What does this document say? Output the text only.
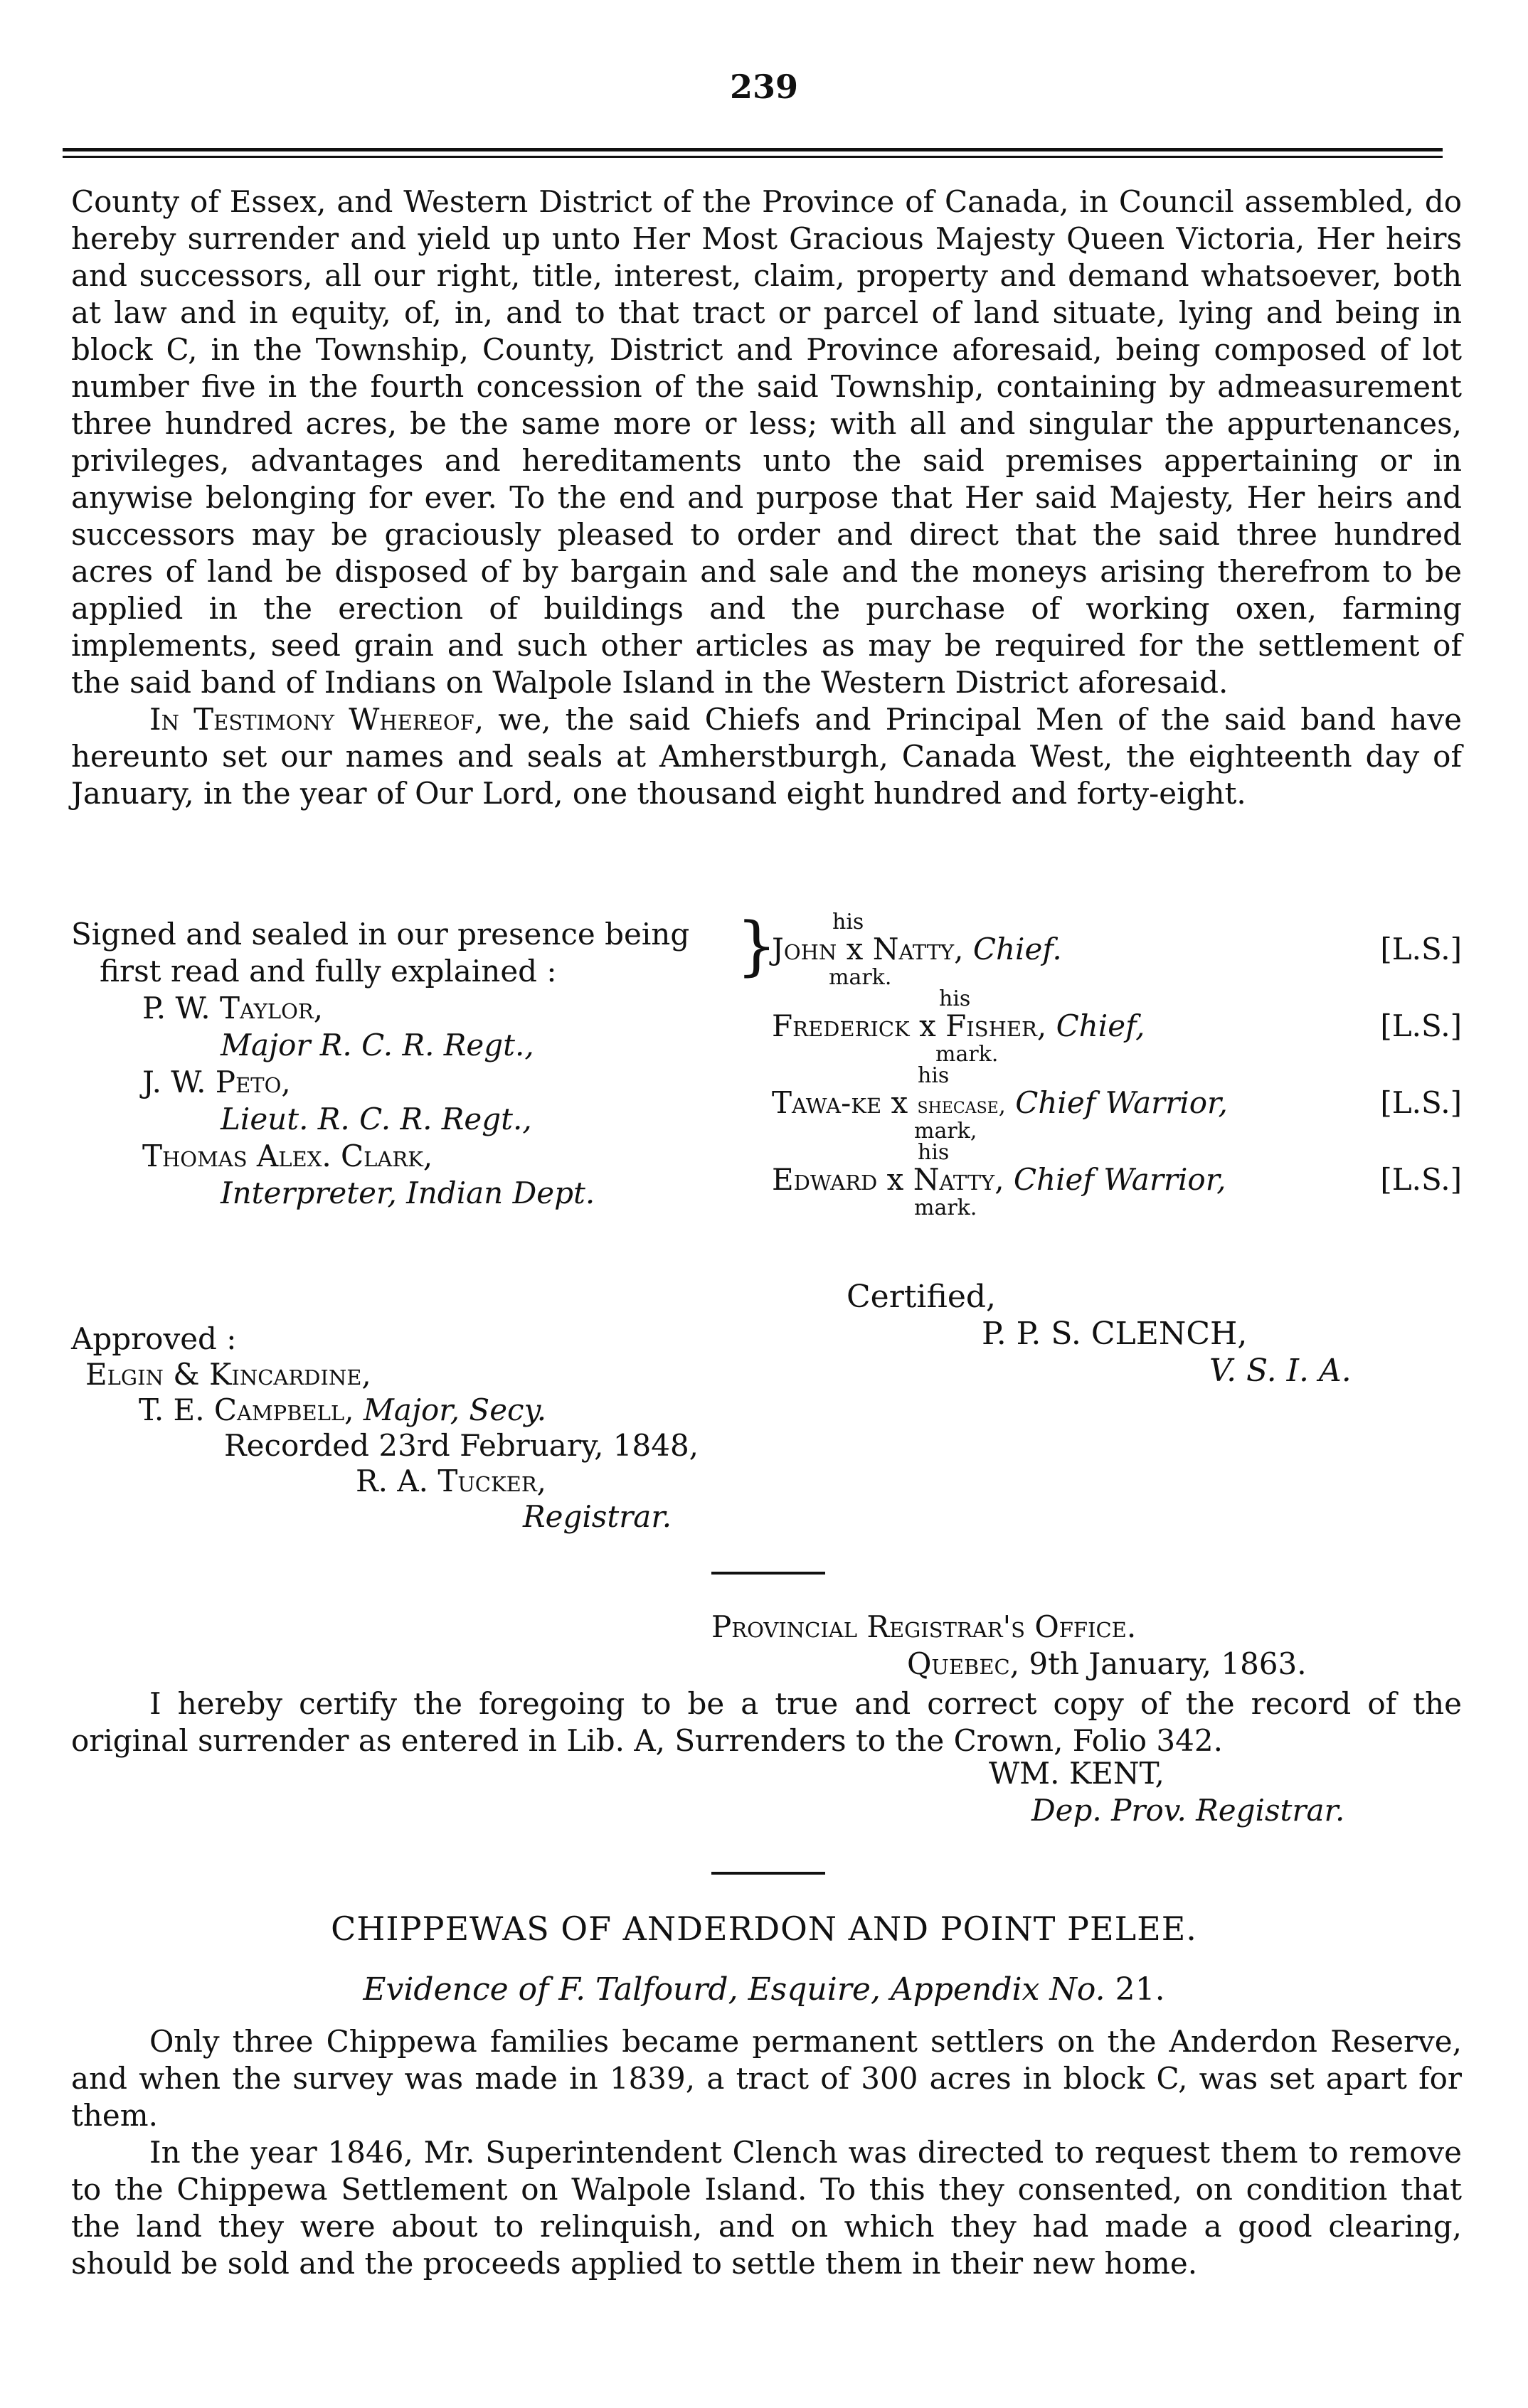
239

County of Essex, and Western District of the Province of Canada, in Council assembled, do hereby surrender and yield up unto Her Most Gracious Majesty Queen Victoria, Her heirs and successors, all our right, title, interest, claim, property and demand whatsoever, both at law and in equity, of, in, and to that tract or parcel of land situate, lying and being in block C, in the Township, County, District and Province aforesaid, being composed of lot number five in the fourth concession of the said Township, containing by admeasurement three hundred acres, be the same more or less; with all and singular the appurtenances, privileges, advantages and hereditaments unto the said premises appertaining or in anywise belonging for ever. To the end and purpose that Her said Majesty, Her heirs and successors may be graciously pleased to order and direct that the said three hundred acres of land be disposed of by bargain and sale and the moneys arising therefrom to be applied in the erection of buildings and the purchase of working oxen, farming implements, seed grain and such other articles as may be required for the settlement of the said band of Indians on Walpole Island in the Western District aforesaid.

In Testimony Whereof, we, the said Chiefs and Principal Men of the said band have hereunto set our names and seals at Amherstburgh, Canada West, the eighteenth day of January, in the year of Our Lord, one thousand eight hundred and forty-eight.

Signed and sealed in our presence being
first read and fully explained :
P. W. Taylor,
Major R. C. R. Regt.,
J. W. Peto,
Lieut. R. C. R. Regt.,
Thomas Alex. Clark,
Interpreter, Indian Dept.
}	his
John x Natty, Chief.	[L.S.]
mark.
his
Frederick x Fisher, Chief,	[L.S.]
mark.
his
Tawa-ke x shecase, Chief Warrior,	[L.S.]
mark,
his
Edward x Natty, Chief Warrior,	[L.S.]
mark.
Certified,
P. P. S. CLENCH,
V. S. I. A.
Approved :
Elgin & Kincardine,
T. E. Campbell, Major, Secy.
Recorded 23rd February, 1848,
R. A. Tucker,
Registrar.
Provincial Registrar's Office.
Quebec, 9th January, 1863.

I hereby certify the foregoing to be a true and correct copy of the record of the original surrender as entered in Lib. A, Surrenders to the Crown, Folio 342.

WM. KENT,
Dep. Prov. Registrar.
CHIPPEWAS OF ANDERDON AND POINT PELEE.
Evidence of F. Talfourd, Esquire, Appendix No. 21.

Only three Chippewa families became permanent settlers on the Anderdon Reserve, and when the survey was made in 1839, a tract of 300 acres in block C, was set apart for them.

In the year 1846, Mr. Superintendent Clench was directed to request them to remove to the Chippewa Settlement on Walpole Island. To this they consented, on condition that the land they were about to relinquish, and on which they had made a good clearing, should be sold and the proceeds applied to settle them in their new home.
